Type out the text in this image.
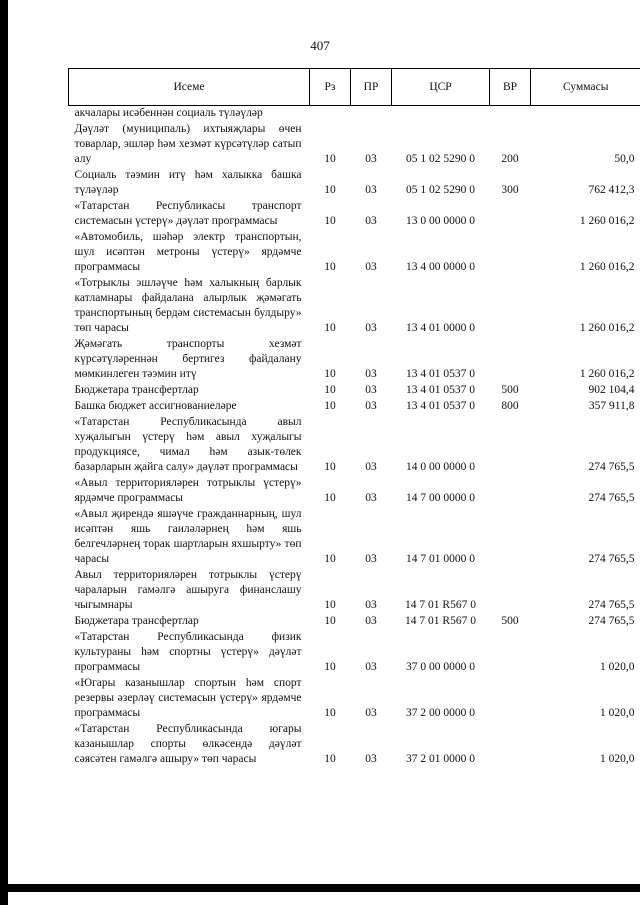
407
Исеме	Рз	ПР	ЦСР	ВР	Суммасы
акчалары исәбеннән социаль түләүләр					
Дәүләт (муниципаль) ихтыяҗлары өчен товарлар, эшләр һәм хезмәт күрсәтүләр сатып алу	10	03	05 1 02 5290 0	200	50,0
Социаль тәэмин итү һәм халыкка башка түләүләр	10	03	05 1 02 5290 0	300	762 412,3
«Татарстан Республикасы транспорт системасын үстерү» дәүләт программасы	10	03	13 0 00 0000 0		1 260 016,2
«Автомобиль, шәһәр электр транспортын, шул исәптән метроны үстерү» ярдәмче программасы	10	03	13 4 00 0000 0		1 260 016,2
«Тотрыклы эшләүче һәм халыкның барлык катламнары файдалана алырлык җәмәгать транспортының бердәм системасын булдыру» төп чарасы	10	03	13 4 01 0000 0		1 260 016,2
Җәмәгать транспорты хезмәт күрсәтүләреннән бертигез файдалану мөмкинлеген тәэмин итү	10	03	13 4 01 0537 0		1 260 016,2
Бюджетара трансфертлар	10	03	13 4 01 0537 0	500	902 104,4
Башка бюджет ассигнованиеләре	10	03	13 4 01 0537 0	800	357 911,8
«Татарстан Республикасында авыл хуҗалыгын үстерү һәм авыл хуҗалыгы продукциясе, чимал һәм азык-төлек базарларын җайга салу» дәүләт программасы	10	03	14 0 00 0000 0		274 765,5
«Авыл территорияләрен тотрыклы үстерү» ярдәмче программасы	10	03	14 7 00 0000 0		274 765,5
«Авыл җирендә яшәүче гражданнарның, шул исәптән яшь гаиләләрнең һәм яшь белгечләрнең торак шартларын яхшырту» төп чарасы	10	03	14 7 01 0000 0		274 765,5
Авыл территорияләрен тотрыклы үстерү чараларын гамәлгә ашыруга финанслашу чыгымнары	10	03	14 7 01 R567 0		274 765,5
Бюджетара трансфертлар	10	03	14 7 01 R567 0	500	274 765,5
«Татарстан Республикасында физик культураны һәм спортны үстерү» дәүләт программасы	10	03	37 0 00 0000 0		1 020,0
«Югары казанышлар спортын һәм спорт резервы әзерләү системасын үстерү» ярдәмче программасы	10	03	37 2 00 0000 0		1 020,0
«Татарстан Республикасында югары казанышлар спорты өлкәсендә дәүләт сәясәтен гамәлгә ашыру» төп чарасы	10	03	37 2 01 0000 0		1 020,0
